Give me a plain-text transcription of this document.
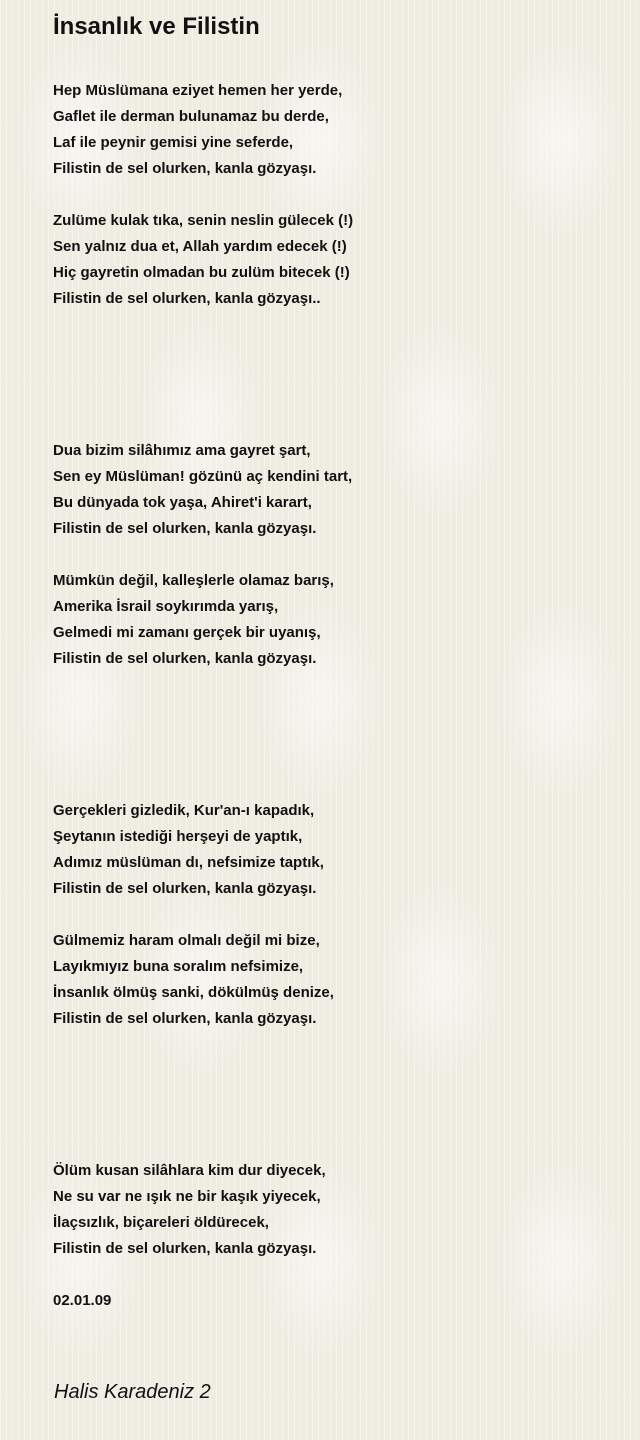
İnsanlık ve Filistin
Hep Müslümana eziyet hemen her yerde,
Gaflet ile derman bulunamaz bu derde,
Laf ile peynir gemisi yine seferde,
Filistin de sel olurken, kanla gözyaşı.
Zulüme kulak tıka, senin neslin gülecek (!)
Sen yalnız dua et, Allah yardım edecek (!)
Hiç gayretin olmadan bu zulüm bitecek (!)
Filistin de sel olurken, kanla gözyaşı..
Dua bizim silâhımız ama gayret şart,
Sen ey Müslüman! gözünü aç kendini tart,
Bu dünyada tok yaşa, Ahiret'i karart,
Filistin de sel olurken, kanla gözyaşı.
Mümkün değil, kalleşlerle olamaz barış,
Amerika İsrail soykırımda yarış,
Gelmedi mi zamanı gerçek bir uyanış,
Filistin de sel olurken, kanla gözyaşı.
Gerçekleri gizledik, Kur'an-ı kapadık,
Şeytanın istediği herşeyi de yaptık,
Adımız müslüman dı, nefsimize taptık,
Filistin de sel olurken, kanla gözyaşı.
Gülmemiz haram olmalı değil mi bize,
Layıkmıyız buna soralım nefsimize,
İnsanlık ölmüş sanki, dökülmüş denize,
Filistin de sel olurken, kanla gözyaşı.
Ölüm kusan silâhlara kim dur diyecek,
Ne su var ne ışık ne bir kaşık yiyecek,
İlaçsızlık, biçareleri öldürecek,
Filistin de sel olurken, kanla gözyaşı.
02.01.09
Halis Karadeniz 2
